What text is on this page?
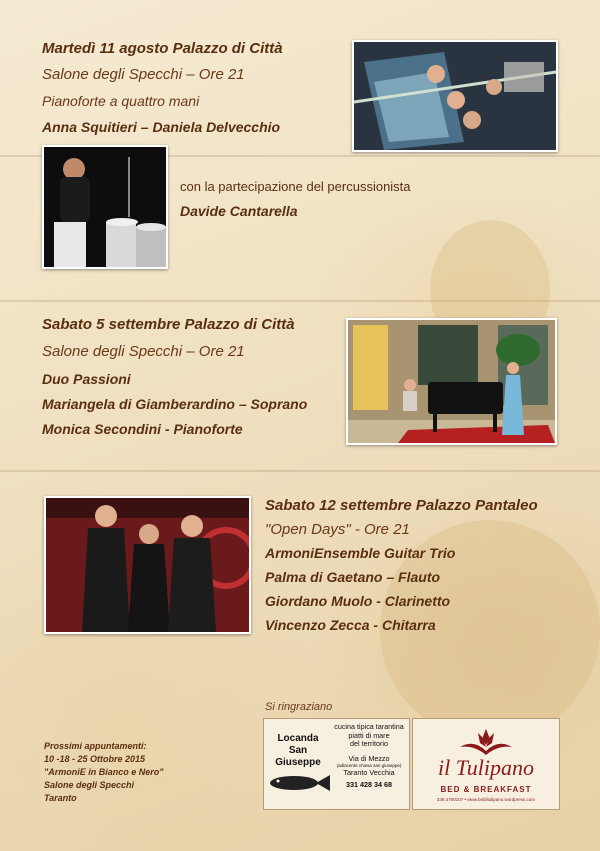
Martedì 11 agosto Palazzo di Città
Salone degli Specchi – Ore 21
Pianoforte a quattro mani
Anna Squitieri – Daniela Delvecchio
con la partecipazione del percussionista
Davide Cantarella
Sabato 5 settembre Palazzo di Città
Salone degli Specchi – Ore 21
Duo Passioni
Mariangela di Giamberardino – Soprano
Monica Secondini - Pianoforte
Sabato 12 settembre Palazzo Pantaleo
"Open Days" - Ore 21
ArmoniEnsemble Guitar Trio
Palma di Gaetano – Flauto
Giordano Muolo - Clarinetto
Vincenzo Zecca - Chitarra
Si ringraziano
Prossimi appuntamenti:
10 -18 - 25 Ottobre 2015
"ArmoniE in Bianco e Nero"
Salone degli Specchi
Taranto
Locanda
San
Giuseppe
cucina tipica tarantina
piatti di mare
del territorio
Via di Mezzo
(adiacente chiesa san giuseppe)
Taranto Vecchia
331 428 34 68
il Tulipano
BED & BREAKFAST
339.4760107 • www.bebiltulipano.wordpress.com
